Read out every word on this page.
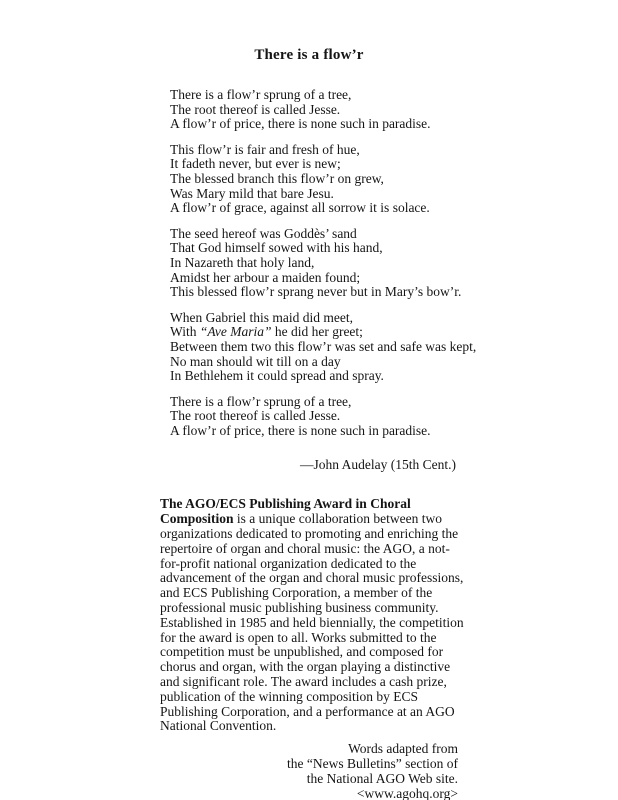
There is a flow’r
There is a flow’r sprung of a tree,
The root thereof is called Jesse.
A flow’r of price, there is none such in paradise.
This flow’r is fair and fresh of hue,
It fadeth never, but ever is new;
The blessed branch this flow’r on grew,
Was Mary mild that bare Jesu.
A flow’r of grace, against all sorrow it is solace.
The seed hereof was Goddès’ sand
That God himself sowed with his hand,
In Nazareth that holy land,
Amidst her arbour a maiden found;
This blessed flow’r sprang never but in Mary’s bow’r.
When Gabriel this maid did meet,
With “Ave Maria” he did her greet;
Between them two this flow’r was set and safe was kept,
No man should wit till on a day
In Bethlehem it could spread and spray.
There is a flow’r sprung of a tree,
The root thereof is called Jesse.
A flow’r of price, there is none such in paradise.
—John Audelay (15th Cent.)

The AGO/ECS Publishing Award in Choral Composition is a unique collaboration between two organizations dedicated to promoting and enriching the repertoire of organ and choral music: the AGO, a not-for-profit national organization dedicated to the advancement of the organ and choral music professions, and ECS Publishing Corporation, a member of the professional music publishing business community. Established in 1985 and held biennially, the competition for the award is open to all. Works submitted to the competition must be unpublished, and composed for chorus and organ, with the organ playing a distinctive and significant role. The award includes a cash prize, publication of the winning composition by ECS Publishing Corporation, and a performance at an AGO National Convention.

Words adapted from
the “News Bulletins” section of
the National AGO Web site.
<www.agohq.org>
